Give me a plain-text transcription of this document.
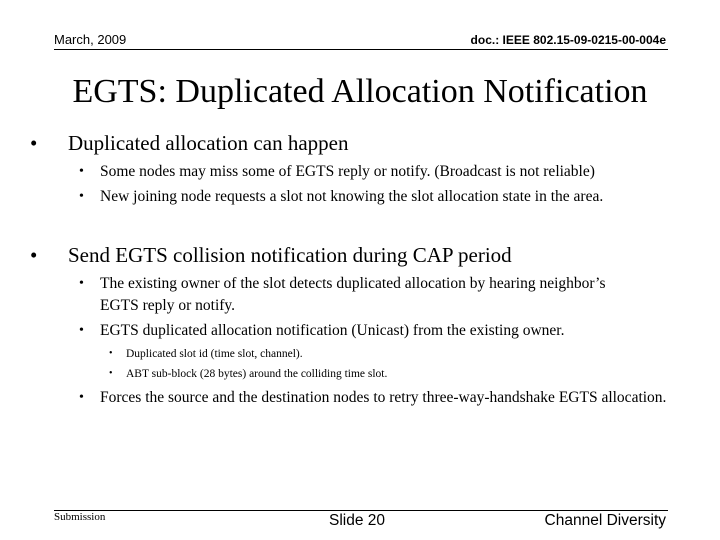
March, 2009	doc.: IEEE 802.15-09-0215-00-004e
EGTS: Duplicated Allocation Notification
• Duplicated allocation can happen
• Some nodes may miss some of EGTS reply or notify. (Broadcast is not reliable)
• New joining node requests a slot not knowing the slot allocation state in the area.
• Send EGTS collision notification during CAP period
• The existing owner of the slot detects duplicated allocation by hearing neighbor’s EGTS reply or notify.
• EGTS duplicated allocation notification (Unicast) from the existing owner.
• Duplicated slot id (time slot, channel).
• ABT sub-block (28 bytes) around the colliding time slot.
• Forces the source and the destination nodes to retry three-way-handshake EGTS allocation.
Submission	Slide 20	Channel Diversity
